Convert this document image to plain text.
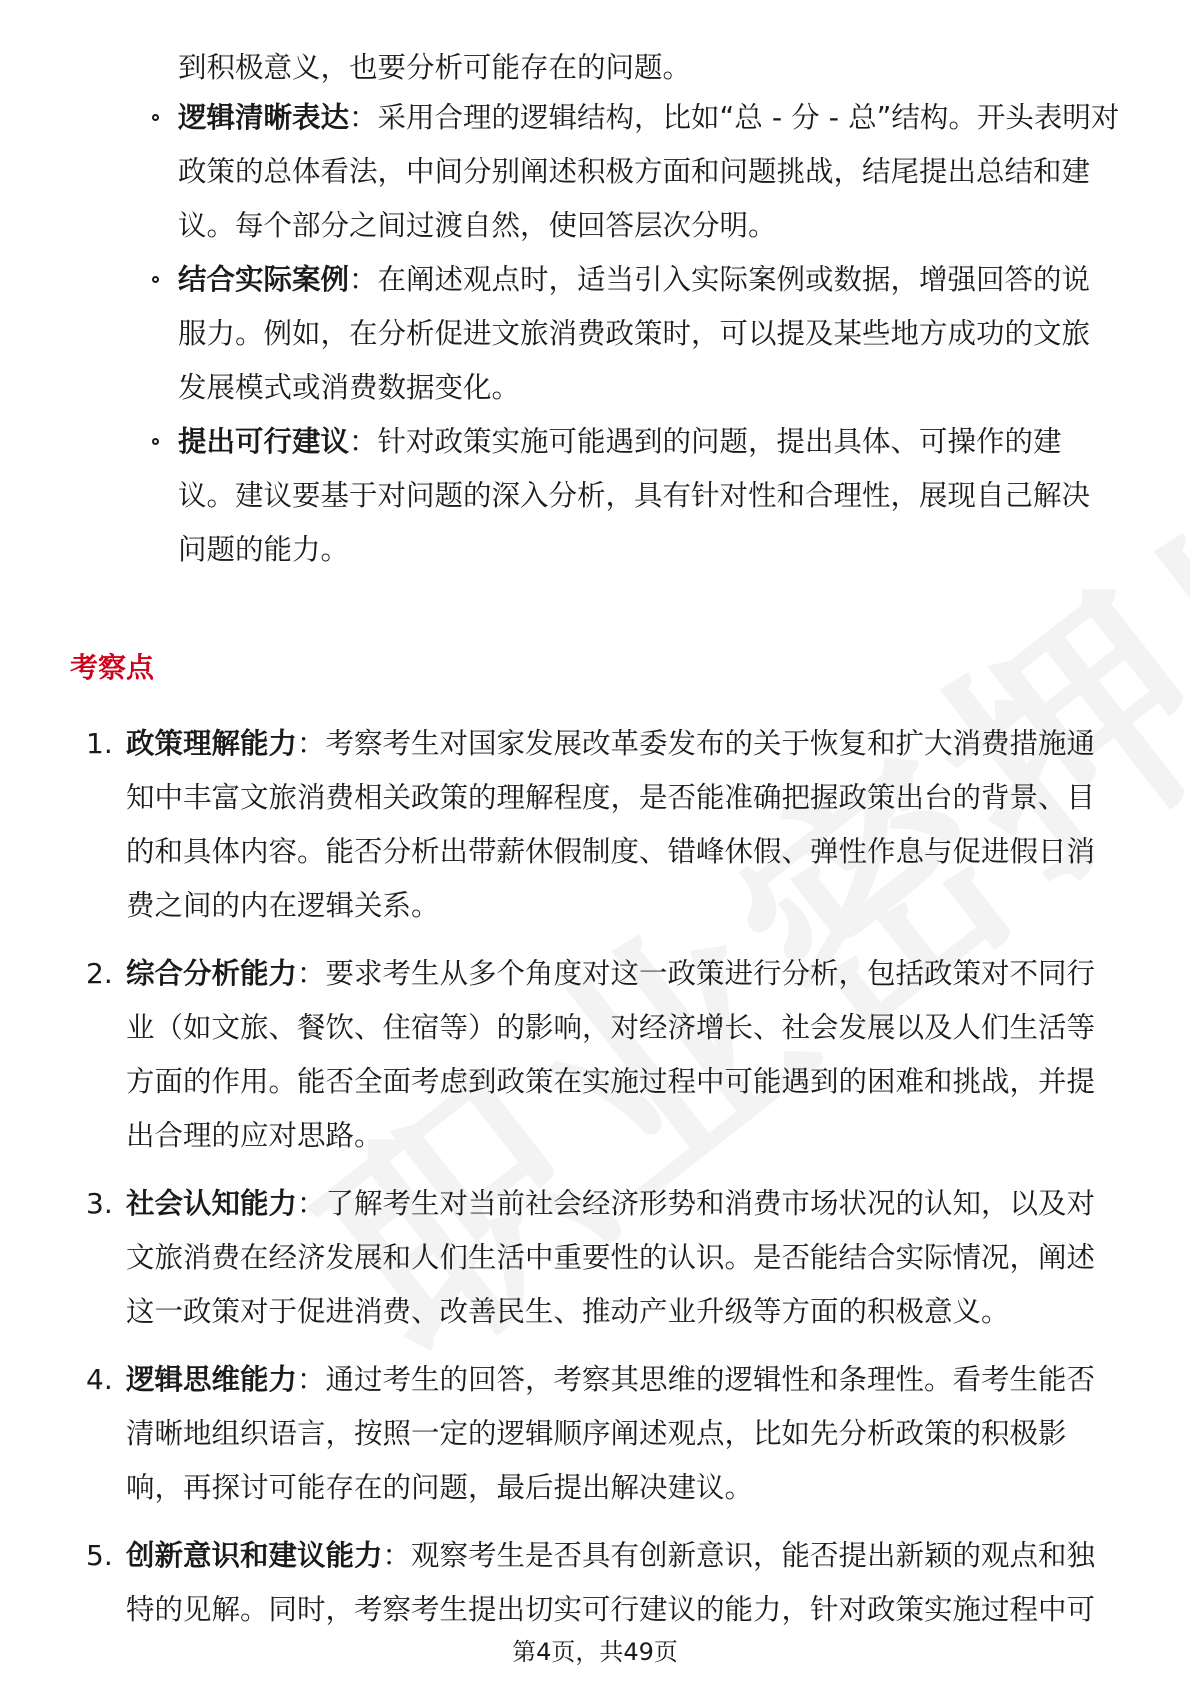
到积极意义，也要分析可能存在的问题。
逻辑清晰表达：采用合理的逻辑结构，比如“总 - 分 - 总”结构。开头表明对
政策的总体看法，中间分别阐述积极方面和问题挑战，结尾提出总结和建
议。每个部分之间过渡自然，使回答层次分明。
结合实际案例：在阐述观点时，适当引入实际案例或数据，增强回答的说
服力。例如，在分析促进文旅消费政策时，可以提及某些地方成功的文旅
发展模式或消费数据变化。
提出可行建议：针对政策实施可能遇到的问题，提出具体、可操作的建
议。建议要基于对问题的深入分析，具有针对性和合理性，展现自己解决
问题的能力。
考察点
1. 政策理解能力：考察考生对国家发展改革委发布的关于恢复和扩大消费措施通
知中丰富文旅消费相关政策的理解程度，是否能准确把握政策出台的背景、目
的和具体内容。能否分析出带薪休假制度、错峰休假、弹性作息与促进假日消
费之间的内在逻辑关系。
2. 综合分析能力：要求考生从多个角度对这一政策进行分析，包括政策对不同行
业（如文旅、餐饮、住宿等）的影响，对经济增长、社会发展以及人们生活等
方面的作用。能否全面考虑到政策在实施过程中可能遇到的困难和挑战，并提
出合理的应对思路。
3. 社会认知能力：了解考生对当前社会经济形势和消费市场状况的认知，以及对
文旅消费在经济发展和人们生活中重要性的认识。是否能结合实际情况，阐述
这一政策对于促进消费、改善民生、推动产业升级等方面的积极意义。
4. 逻辑思维能力：通过考生的回答，考察其思维的逻辑性和条理性。看考生能否
清晰地组织语言，按照一定的逻辑顺序阐述观点，比如先分析政策的积极影
响，再探讨可能存在的问题，最后提出解决建议。
5. 创新意识和建议能力：观察考生是否具有创新意识，能否提出新颖的观点和独
特的见解。同时，考察考生提出切实可行建议的能力，针对政策实施过程中可
第4页，共49页
